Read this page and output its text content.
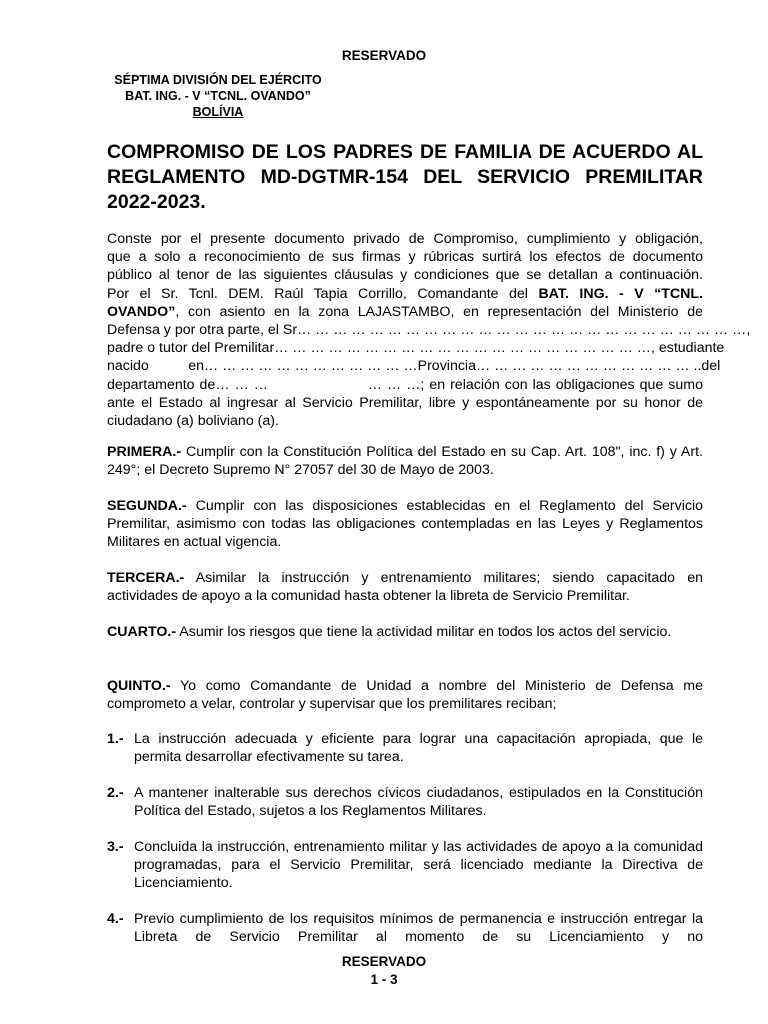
RESERVADO
SÉPTIMA DIVISIÓN DEL EJÉRCITO
BAT. ING. - V “TCNL. OVANDO”
BOLÍVIA
COMPROMISO DE LOS PADRES DE FAMILIA DE ACUERDO AL REGLAMENTO MD-DGTMR-154 DEL SERVICIO PREMILITAR 2022-2023.
Conste por el presente documento privado de Compromiso, cumplimiento y obligación,
que a solo a reconocimiento de sus firmas y rúbricas surtirá los efectos de documento
público al tenor de las siguientes cláusulas y condiciones que se detallan a continuación.
Por el Sr. Tcnl. DEM. Raúl Tapia Corrillo, Comandante del BAT. ING. - V “TCNL.
OVANDO”, con asiento en la zona LAJASTAMBO, en representación del Ministerio de
Defensa y por otra parte, el Sr… … … … … … … … … … … … … … … … … … … … … … … … …,
padre o tutor del Premilitar… … … … … … … … … … … … … … … … … … … … …, estudiante
nacido          en… … … … … … … … … … … …Provincia… … … … … … … … … … … … ..del
departamento de… … …                    … … …; en relación con las obligaciones que sumo
ante el Estado al ingresar al Servicio Premilitar, libre y espontáneamente por su honor de
ciudadano (a) boliviano (a).
PRIMERA.- Cumplir con la Constitución Política del Estado en su Cap. Art. 108", inc. f) y Art. 249°; el Decreto Supremo N° 27057 del 30 de Mayo de 2003.
SEGUNDA.- Cumplir con las disposiciones establecidas en el Reglamento del Servicio Premilitar, asimismo con todas las obligaciones contempladas en las Leyes y Reglamentos Militares en actual vigencia.
TERCERA.- Asimilar la instrucción y entrenamiento militares; siendo capacitado en actividades de apoyo a la comunidad hasta obtener la libreta de Servicio Premilitar.
CUARTO.- Asumir los riesgos que tiene la actividad militar en todos los actos del servicio.
QUINTO.- Yo como Comandante de Unidad a nombre del Ministerio de Defensa me comprometo a velar, controlar y supervisar que los premilitares reciban;
1.- La instrucción adecuada y eficiente para lograr una capacitación apropiada, que le permita desarrollar efectivamente su tarea.
2.- A mantener inalterable sus derechos cívicos ciudadanos, estipulados en la Constitución Política del Estado, sujetos a los Reglamentos Militares.
3.- Concluida la instrucción, entrenamiento militar y las actividades de apoyo a la comunidad programadas, para el Servicio Premilitar, será licenciado mediante la Directiva de Licenciamiento.
4.- Previo cumplimiento de los requisitos mínimos de permanencia e instrucción entregar la Libreta de Servicio Premilitar al momento de su Licenciamiento y no
RESERVADO
1 - 3
